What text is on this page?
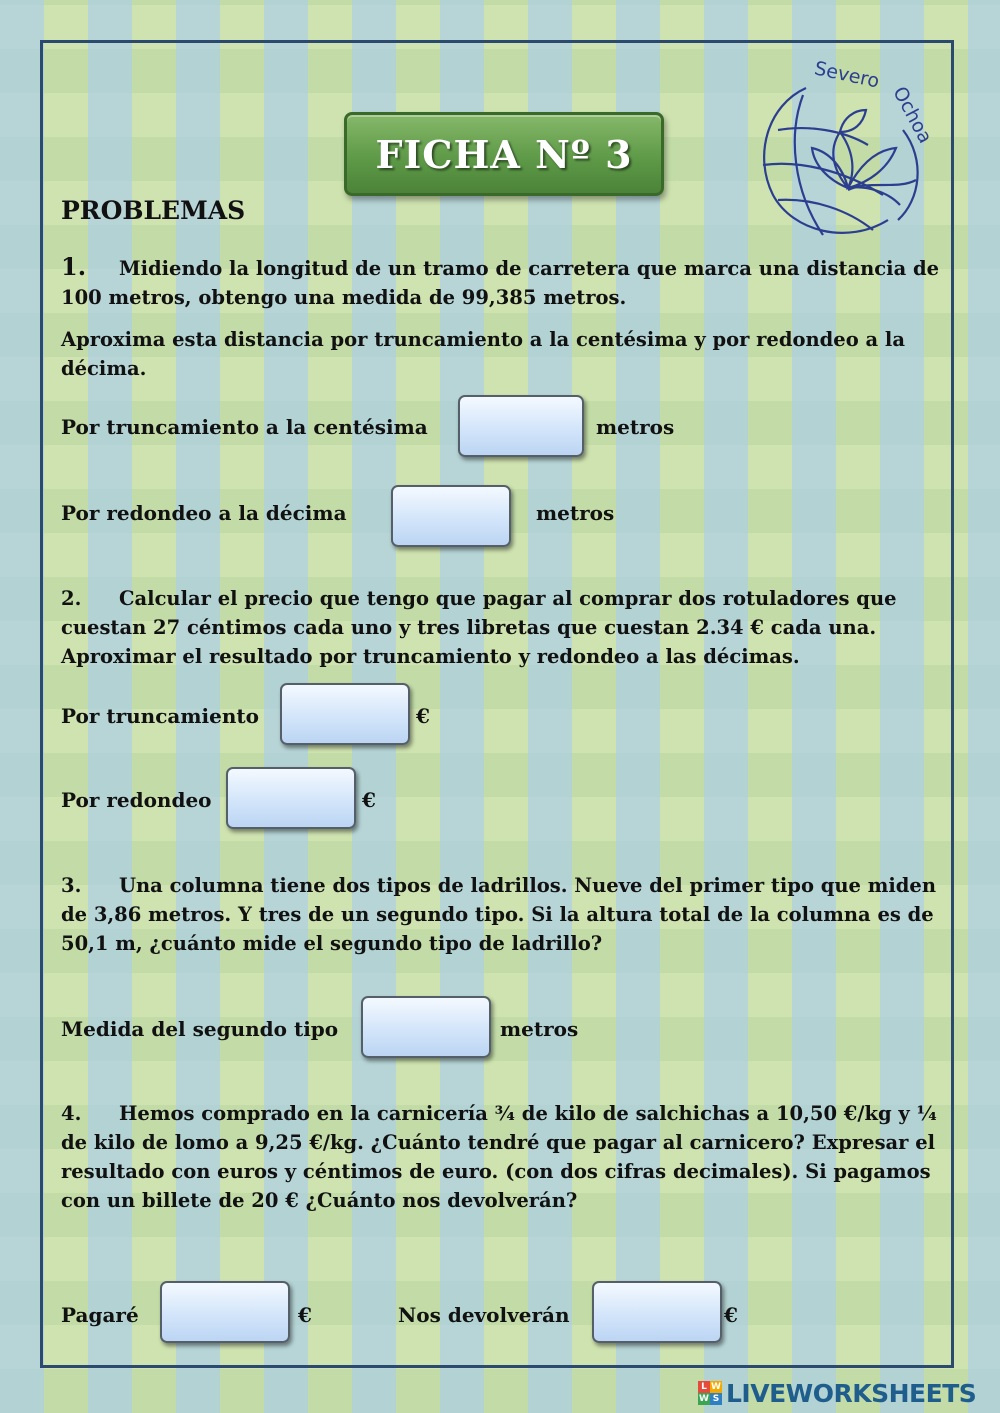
FICHA Nº 3
Severo
Ochoa
PROBLEMAS

1. Midiendo la longitud de un tramo de carretera que marca una distancia de 100 metros, obtengo una medida de 99,385 metros.

Aproxima esta distancia por truncamiento a la centésima y por redondeo a la décima.

Por truncamiento a la centésima	metros
Por redondeo a la décima	metros

2. Calcular el precio que tengo que pagar al comprar dos rotuladores que cuestan 27 céntimos cada uno y tres libretas que cuestan 2.34 € cada una. Aproximar el resultado por truncamiento y redondeo a las décimas.

Por truncamiento	€
Por redondeo	€

3. Una columna tiene dos tipos de ladrillos. Nueve del primer tipo que miden de 3,86 metros. Y tres de un segundo tipo. Si la altura total de la columna es de 50,1 m, ¿cuánto mide el segundo tipo de ladrillo?

Medida del segundo tipo	metros

4. Hemos comprado en la carnicería ¾ de kilo de salchichas a 10,50 €/kg y ¼ de kilo de lomo a 9,25 €/kg. ¿Cuánto tendré que pagar al carnicero? Expresar el resultado con euros y céntimos de euro. (con dos cifras decimales). Si pagamos con un billete de 20 € ¿Cuánto nos devolverán?

Pagaré	€	Nos devolverán	€
L W
W S LIVEWORKSHEETS
